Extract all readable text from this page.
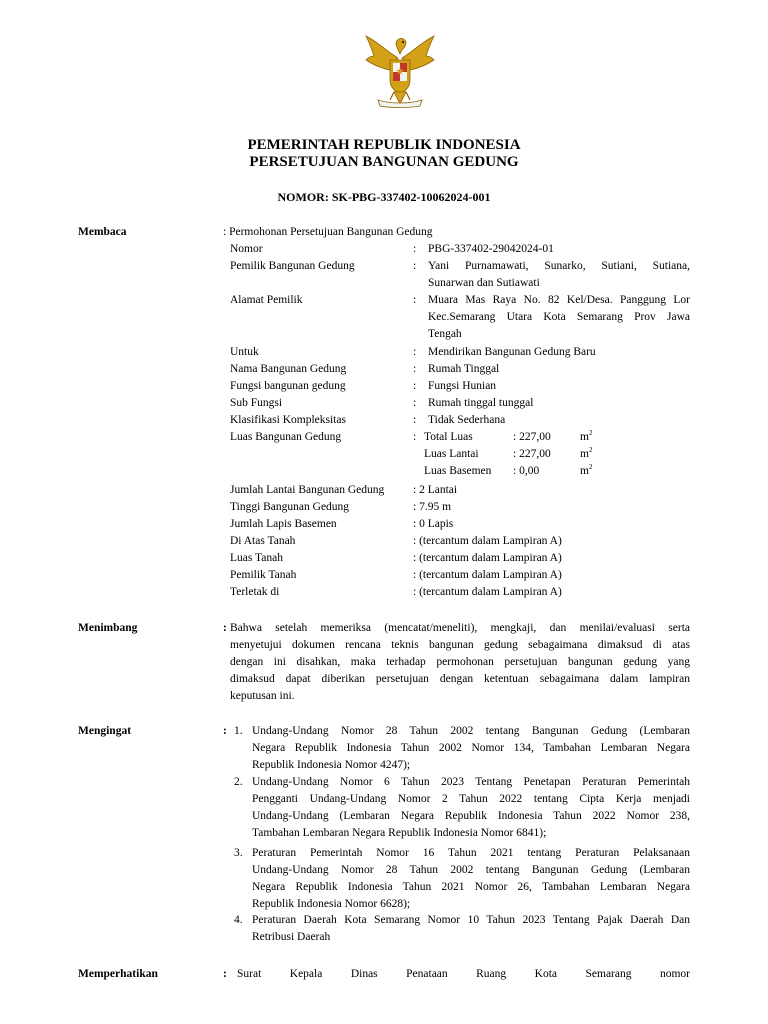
PEMERINTAH REPUBLIK INDONESIA
PERSETUJUAN BANGUNAN GEDUNG
NOMOR: SK-PBG-337402-10062024-001
Membaca	: Permohonan Persetujuan Bangunan Gedung
Nomor	: PBG-337402-29042024-01
Pemilik Bangunan Gedung	: Yani Purnamawati, Sunarko, Sutiani, Sutiana,
Sunarwan dan Sutiawati
Alamat Pemilik	: Muara Mas Raya No. 82 Kel/Desa. Panggung Lor
Kec.Semarang Utara Kota Semarang Prov Jawa
Tengah
Untuk	: Mendirikan Bangunan Gedung Baru
Nama Bangunan Gedung	: Rumah Tinggal
Fungsi bangunan gedung	: Fungsi Hunian
Sub Fungsi	: Rumah tinggal tunggal
Klasifikasi Kompleksitas	: Tidak Sederhana
Luas Bangunan Gedung	: Total Luas	: 227,00	$m^2$
Luas Lantai	: 227,00	$m^2$
Luas Basemen : 0,00	$m^2$
Jumlah Lantai Bangunan Gedung : 2 Lantai
Tinggi Bangunan Gedung	: 7.95 m
Jumlah Lapis Basemen	: 0 Lapis
Di Atas Tanah	: (tercantum dalam Lampiran A)
Luas Tanah	: (tercantum dalam Lampiran A)
Pemilik Tanah	: (tercantum dalam Lampiran A)
Terletak di	: (tercantum dalam Lampiran A)
Menimbang	: Bahwa setelah memeriksa (mencatat/meneliti), mengkaji, dan menilai/evaluasi serta
menyetujui dokumen rencana teknis bangunan gedung sebagaimana dimaksud di atas
dengan ini disahkan, maka terhadap permohonan persetujuan bangunan gedung yang
dimaksud dapat diberikan persetujuan dengan ketentuan sebagaimana dalam lampiran
keputusan ini.
Mengingat	: 1. Undang-Undang Nomor 28 Tahun 2002 tentang Bangunan Gedung (Lembaran
Negara Republik Indonesia Tahun 2002 Nomor 134, Tambahan Lembaran Negara
Republik Indonesia Nomor 4247);
2. Undang-Undang Nomor 6 Tahun 2023 Tentang Penetapan Peraturan Pemerintah
Pengganti Undang-Undang Nomor 2 Tahun 2022 tentang Cipta Kerja menjadi
Undang-Undang (Lembaran Negara Republik Indonesia Tahun 2022 Nomor 238,
Tambahan Lembaran Negara Republik Indonesia Nomor 6841);
3. Peraturan Pemerintah Nomor 16 Tahun 2021 tentang Peraturan Pelaksanaan
Undang-Undang Nomor 28 Tahun 2002 tentang Bangunan Gedung (Lembaran
Negara Republik Indonesia Tahun 2021 Nomor 26, Tambahan Lembaran Negara
Republik Indonesia Nomor 6628);
4. Peraturan Daerah Kota Semarang Nomor 10 Tahun 2023 Tentang Pajak Daerah Dan
Retribusi Daerah
Memperhatikan	: Surat Kepala Dinas Penataan Ruang Kota Semarang nomor
